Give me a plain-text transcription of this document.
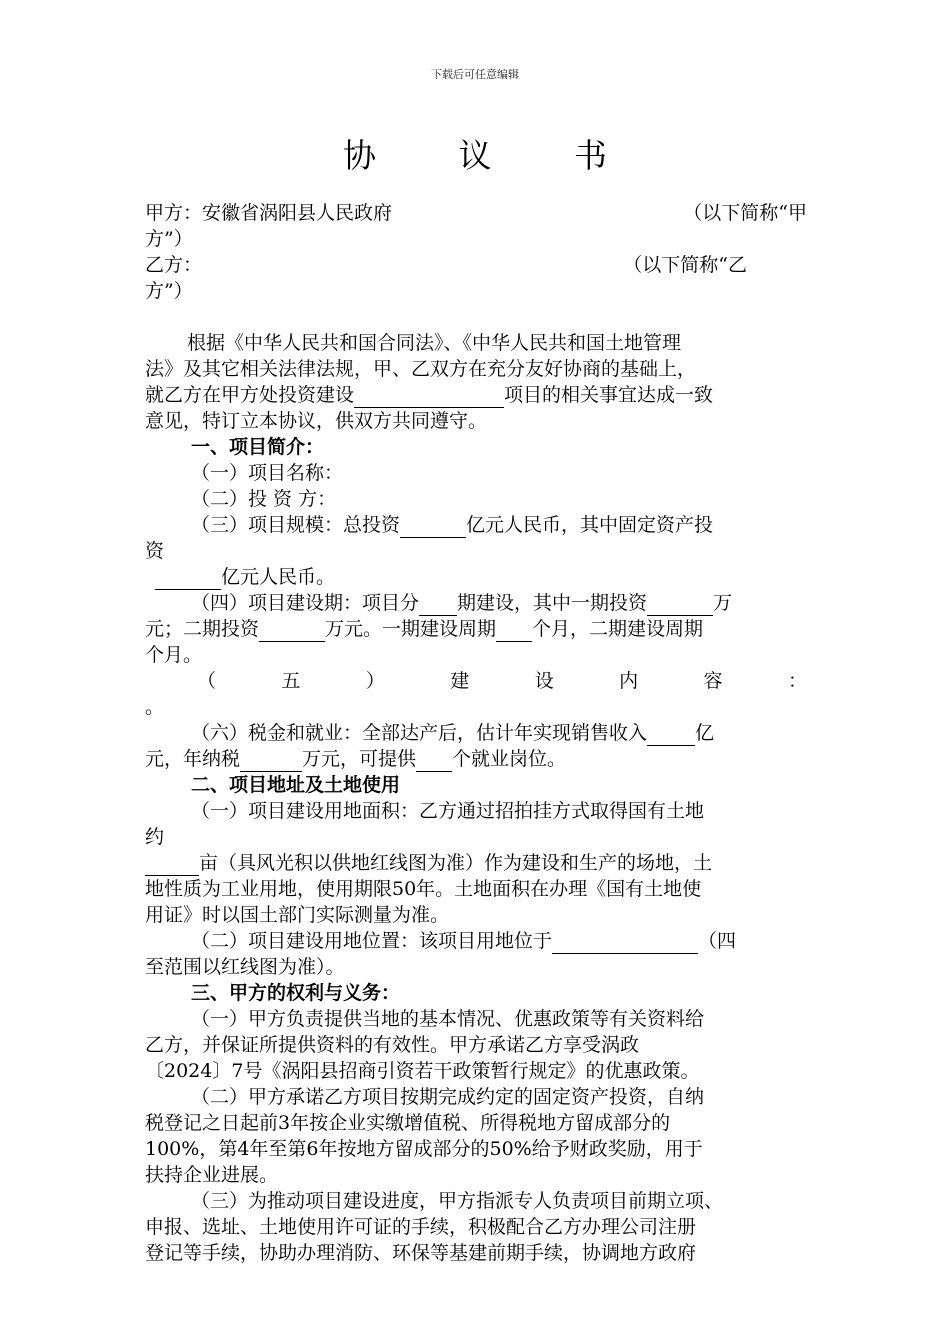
下载后可任意编辑
协 议 书
甲方：安徽省涡阳县人民政府	（以下简称“甲

方”）

乙方：	（以下简称“乙

方”）

根据《中华人民共和国合同法》、《中华人民共和国土地管理

法》及其它相关法律法规，甲、乙双方在充分友好协商的基础上，

就乙方在甲方处投资建设	项目的相关事宜达成一致

意见，特订立本协议，供双方共同遵守。

一、项目简介：

（一）项目名称：

（二）投 资 方：

（三）项目规模：总投资	亿元人民币，其中固定资产投

资

亿元人民币。

（四）项目建设期：项目分 期建设，其中一期投资	万

元；二期投资	万元。一期建设周期 个月，二期建设周期

个月。

（	五	）	建	设	内	容	：

。

（六）税金和就业：全部达产后，估计年实现销售收入	亿

元，年纳税	万元，可提供 个就业岗位。

二、项目地址及土地使用

（一）项目建设用地面积：乙方通过招拍挂方式取得国有土地

约

亩（具风光积以供地红线图为准）作为建设和生产的场地，土

地性质为工业用地，使用期限50年。土地面积在办理《国有土地使

用证》时以国土部门实际测量为准。

（二）项目建设用地位置：该项目用地位于	（四

至范围以红线图为准）。

三、甲方的权利与义务：

（一）甲方负责提供当地的基本情况、优惠政策等有关资料给

乙方，并保证所提供资料的有效性。甲方承诺乙方享受涡政

〔2024〕7号《涡阳县招商引资若干政策暂行规定》的优惠政策。

（二）甲方承诺乙方项目按期完成约定的固定资产投资，自纳

税登记之日起前3年按企业实缴增值税、所得税地方留成部分的

100%，第4年至第6年按地方留成部分的50%给予财政奖励，用于

扶持企业进展。

（三）为推动项目建设进度，甲方指派专人负责项目前期立项、

申报、选址、土地使用许可证的手续，积极配合乙方办理公司注册

登记等手续，协助办理消防、环保等基建前期手续，协调地方政府
